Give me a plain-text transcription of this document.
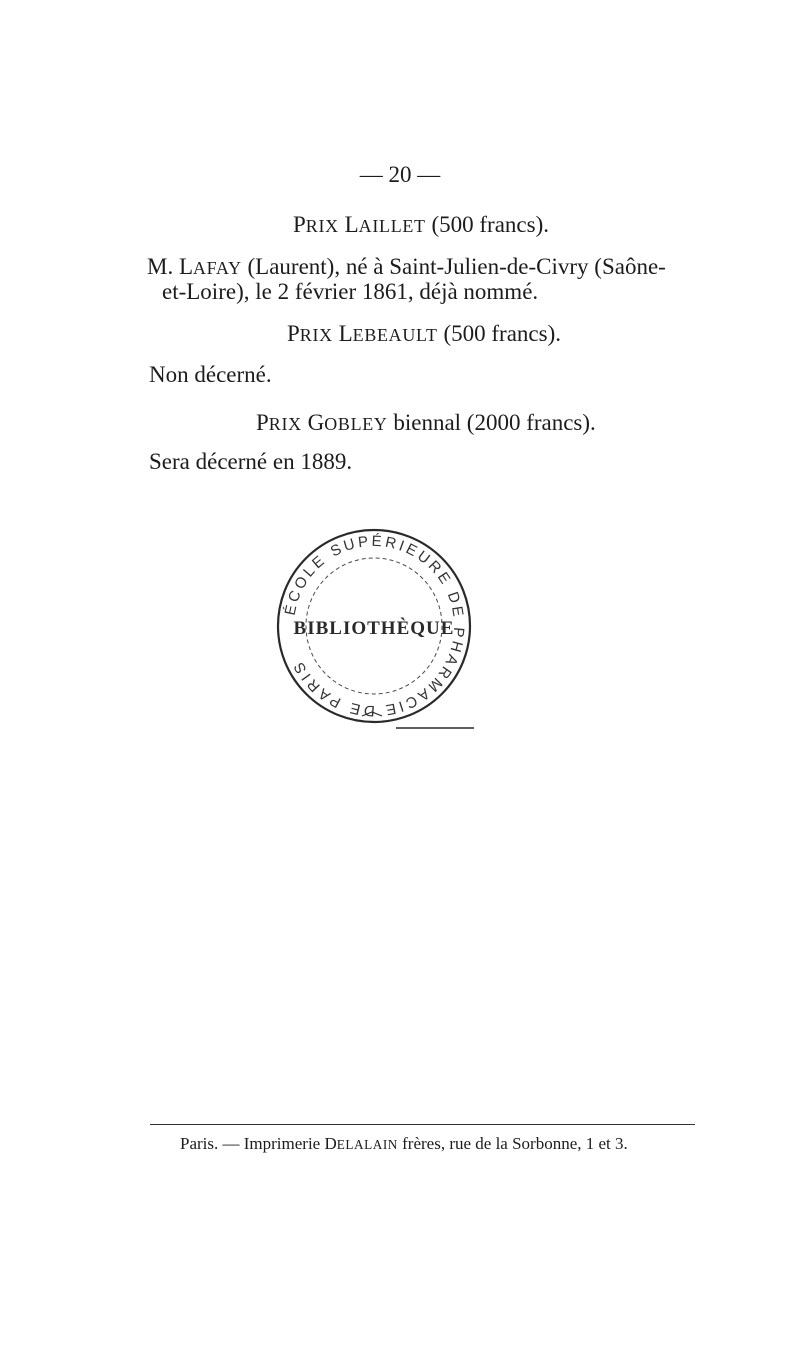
— 20 —
PRIX LAILLET (500 francs).
M. LAFAY (Laurent), né à Saint-Julien-de-Civry (Saône-
et-Loire), le 2 février 1861, déjà nommé.
PRIX LEBEAULT (500 francs).
Non décerné.
PRIX GOBLEY biennal (2000 francs).
Sera décerné en 1889.
ÉCOLE SUPÉRIEURE DE PHARMACIE DE PARIS
BIBLIOTHÈQUE
Paris. — Imprimerie DELALAIN frères, rue de la Sorbonne, 1 et 3.
